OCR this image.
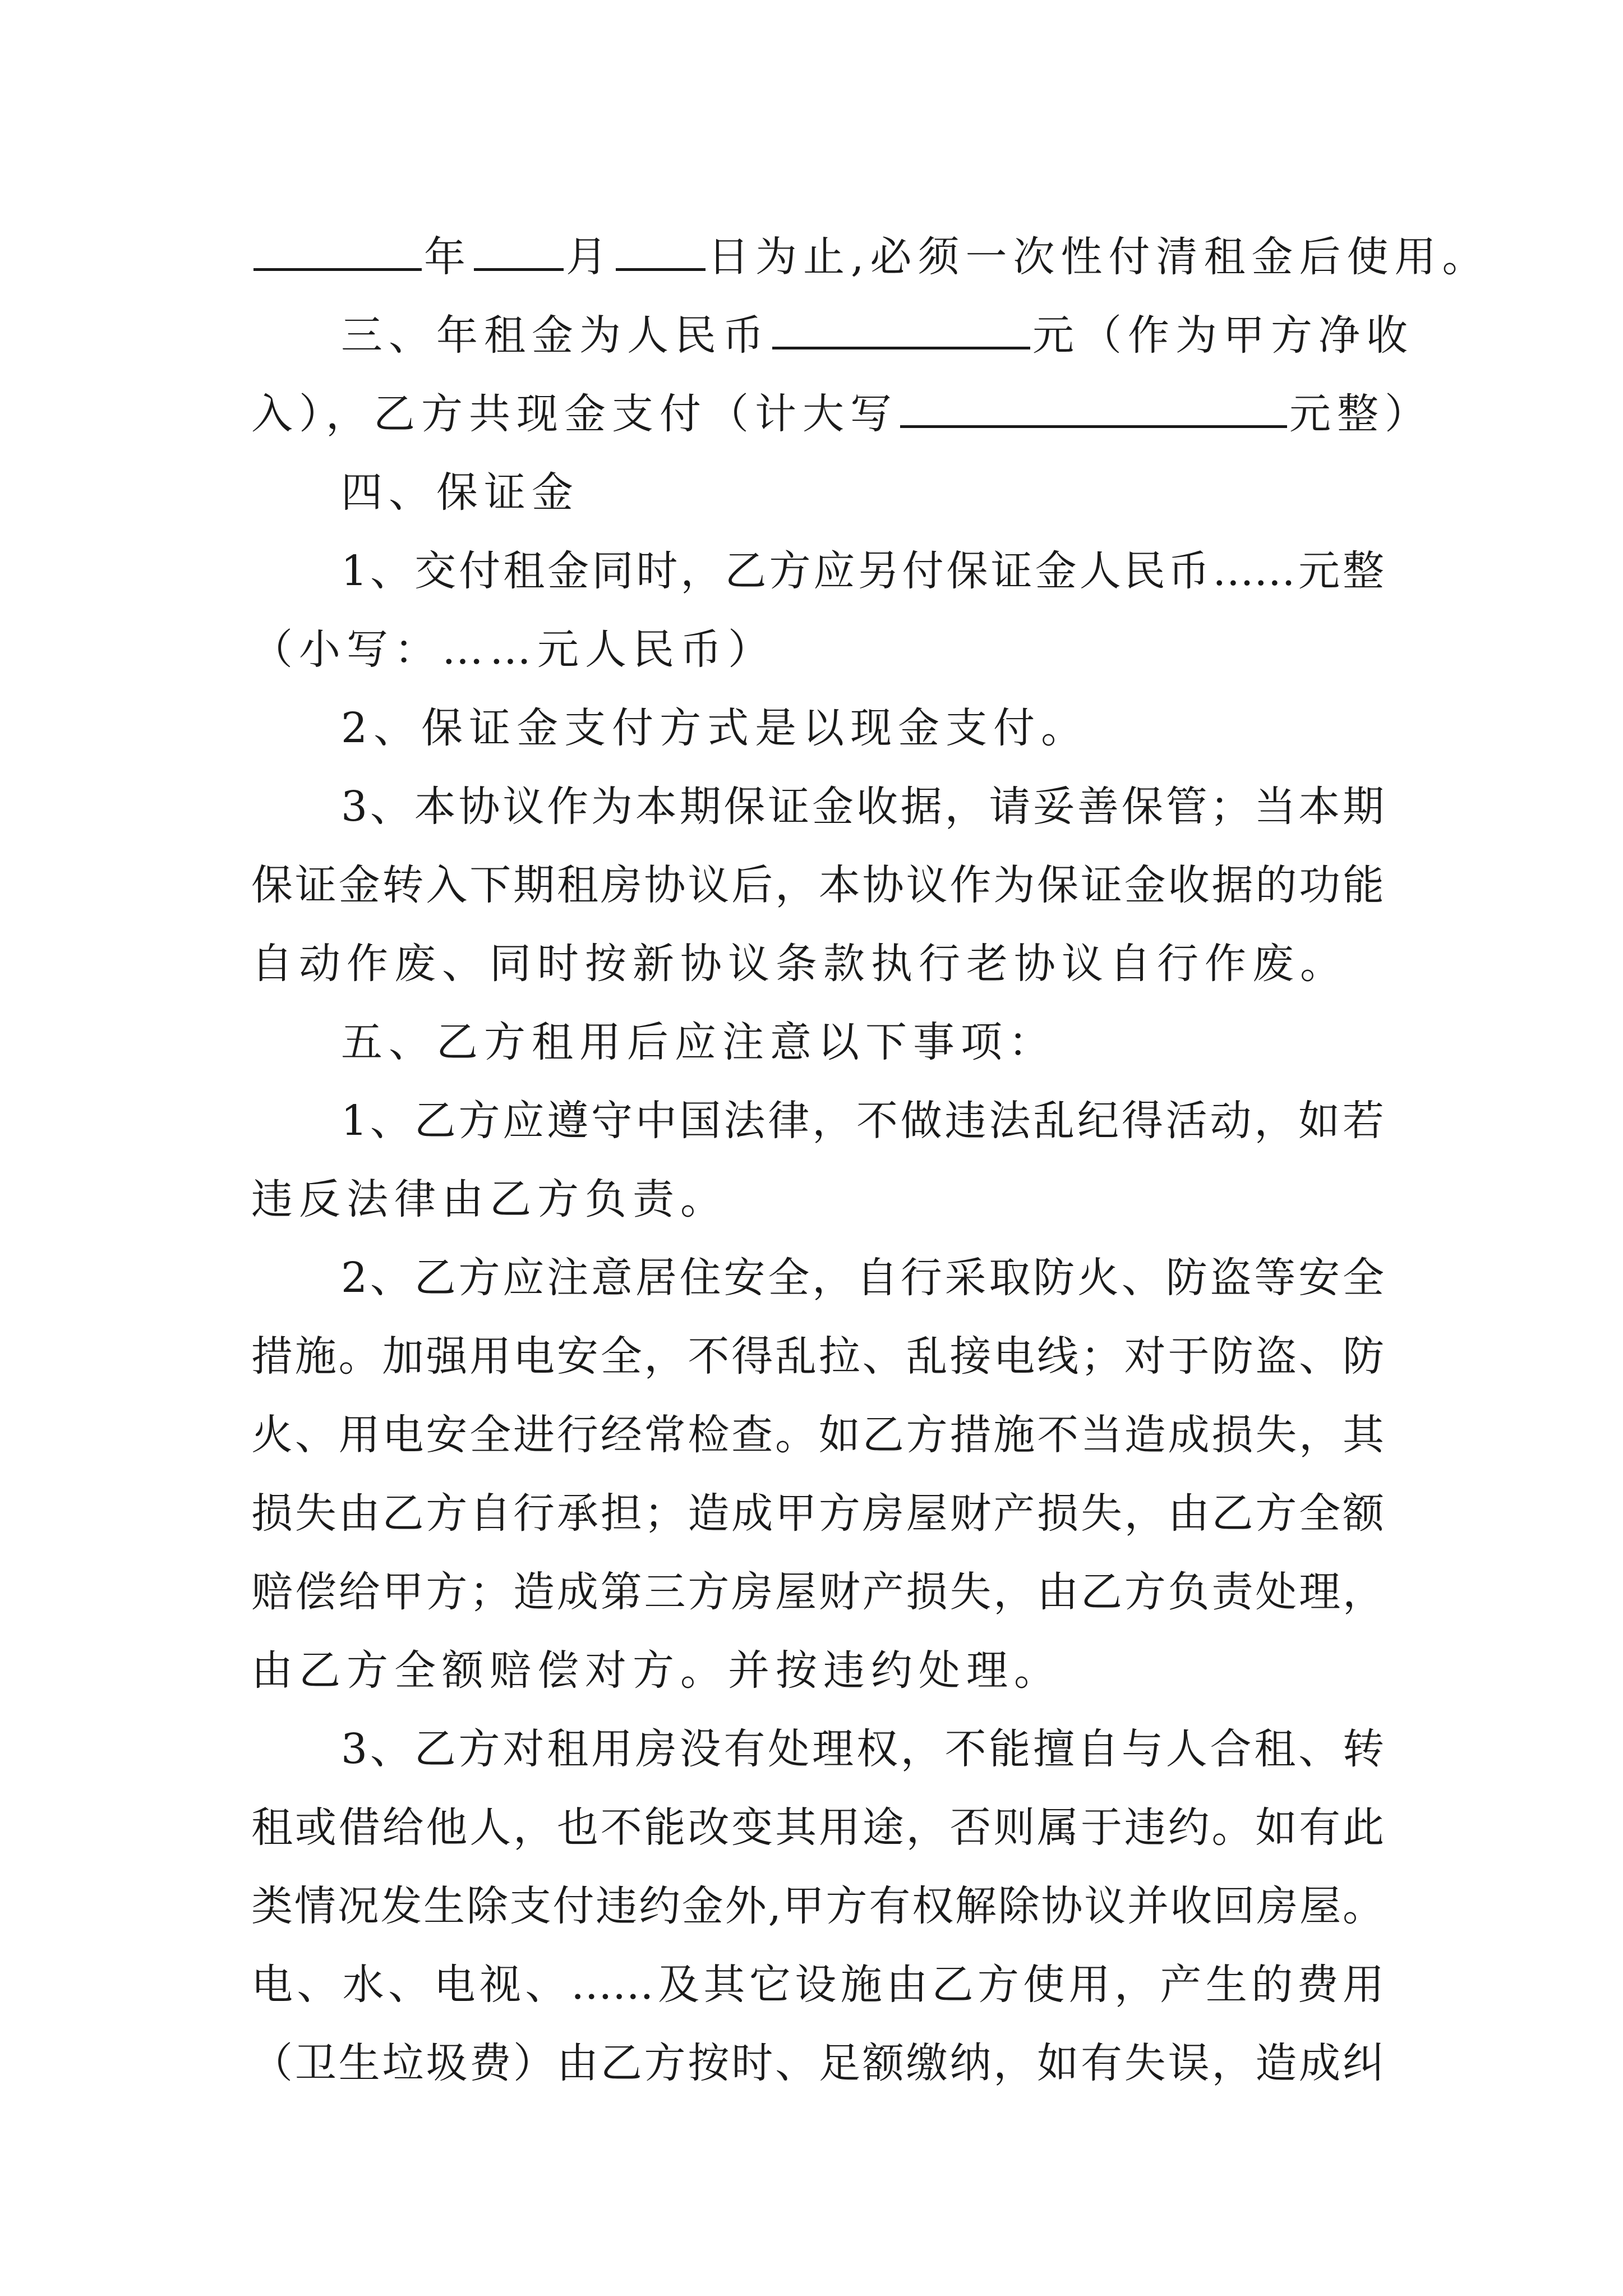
年 月 日为止,必须一次性付清租金后使用。
三、年租金为人民币	元（作为甲方净收
入），乙方共现金支付（计大写	元整）
四、保证金
1、交付租金同时，乙方应另付保证金人民币……元整
（小写：……元人民币）
2、保证金支付方式是以现金支付。
3、本协议作为本期保证金收据，请妥善保管；当本期
保证金转入下期租房协议后，本协议作为保证金收据的功能
自动作废、同时按新协议条款执行老协议自行作废。
五、乙方租用后应注意以下事项：
1、乙方应遵守中国法律，不做违法乱纪得活动，如若
违反法律由乙方负责。
2、乙方应注意居住安全，自行采取防火、防盗等安全
措施。加强用电安全，不得乱拉、乱接电线；对于防盗、防
火、用电安全进行经常检查。如乙方措施不当造成损失，其
损失由乙方自行承担；造成甲方房屋财产损失，由乙方全额
赔偿给甲方；造成第三方房屋财产损失，由乙方负责处理，
由乙方全额赔偿对方。并按违约处理。
3、乙方对租用房没有处理权，不能擅自与人合租、转
租或借给他人，也不能改变其用途，否则属于违约。如有此
类情况发生除支付违约金外,甲方有权解除协议并收回房屋。
电、水、电视、……及其它设施由乙方使用，产生的费用
（卫生垃圾费）由乙方按时、足额缴纳，如有失误，造成纠
